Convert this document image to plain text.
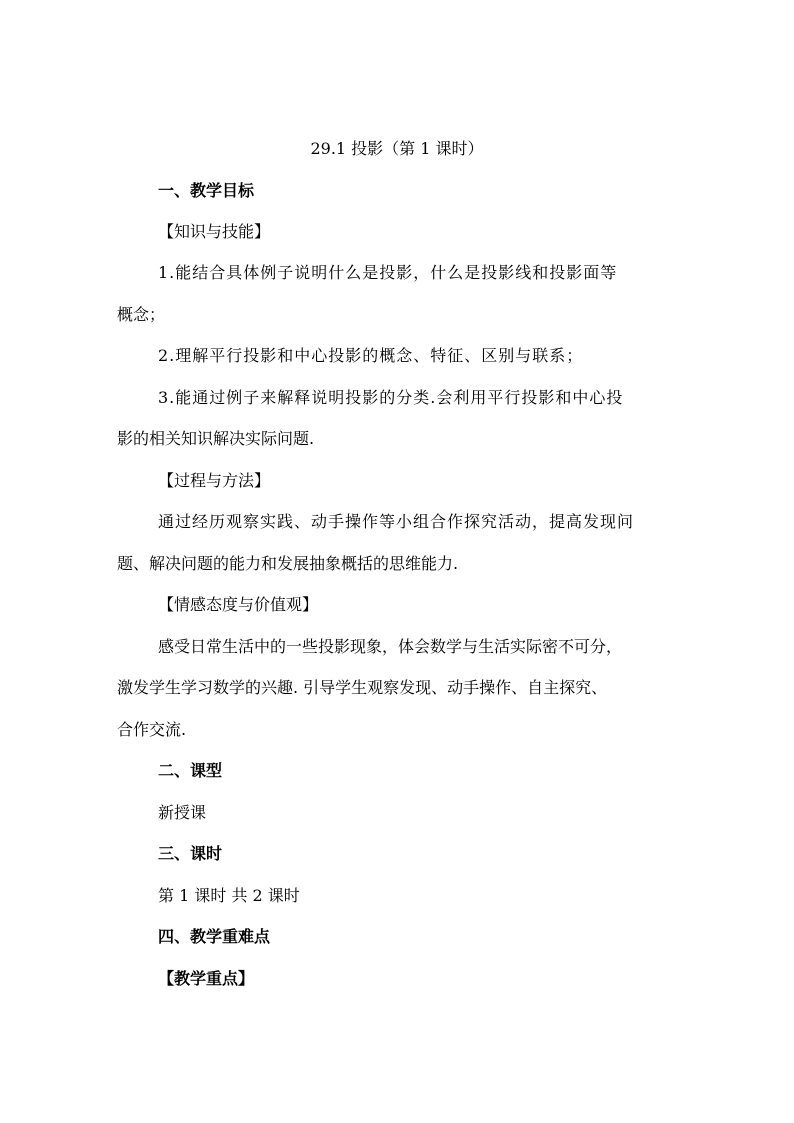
29.1 投影（第 1 课时）
一、教学目标
【知识与技能】
1.能结合具体例子说明什么是投影，什么是投影线和投影面等
概念；
2.理解平行投影和中心投影的概念、特征、区别与联系；
3.能通过例子来解释说明投影的分类.会利用平行投影和中心投
影的相关知识解决实际问题.
【过程与方法】
通过经历观察实践、动手操作等小组合作探究活动，提高发现问
题、解决问题的能力和发展抽象概括的思维能力.
【情感态度与价值观】
感受日常生活中的一些投影现象，体会数学与生活实际密不可分，
激发学生学习数学的兴趣. 引导学生观察发现、动手操作、自主探究、
合作交流.
二、课型
新授课
三、课时
第 1 课时 共 2 课时
四、教学重难点
【教学重点】
